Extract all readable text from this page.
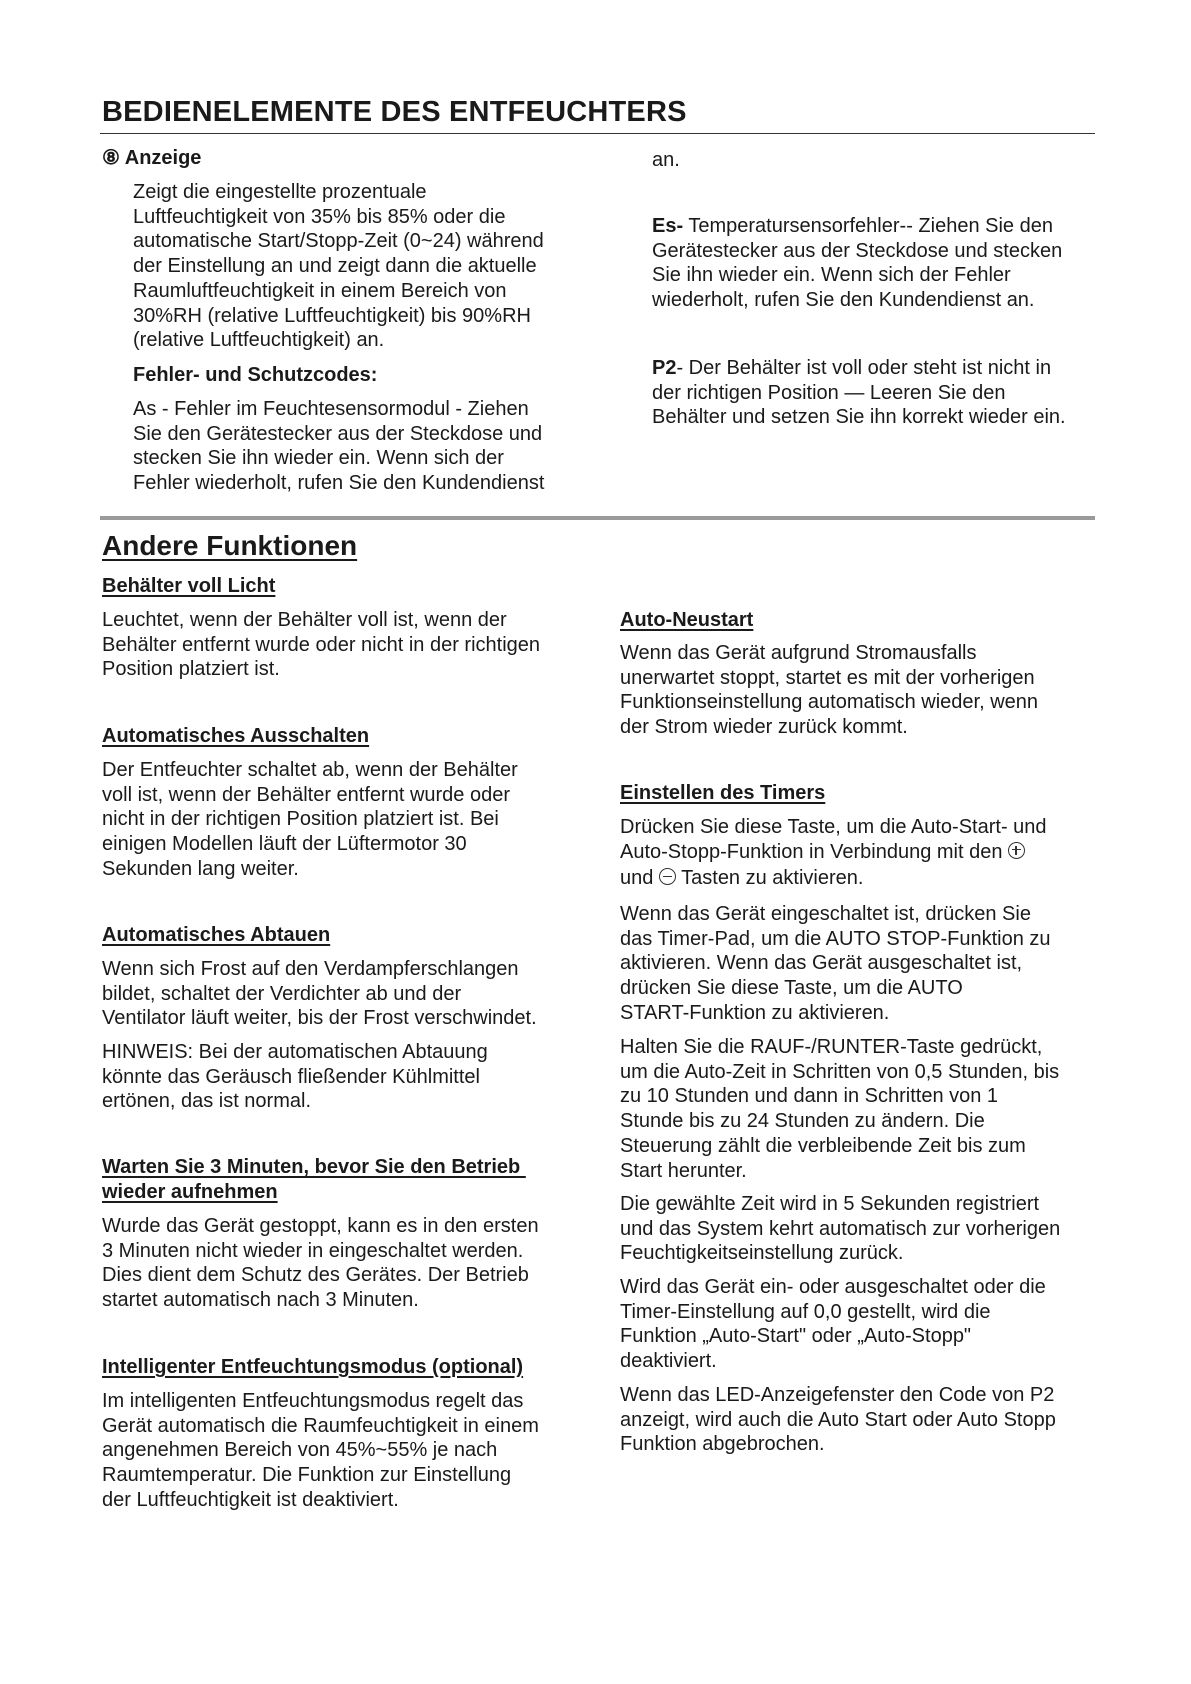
BEDIENELEMENTE DES ENTFEUCHTERS
⑧ Anzeige
Zeigt die eingestellte prozentuale
Luftfeuchtigkeit von 35% bis 85% oder die
automatische Start/Stopp-Zeit (0~24) während
der Einstellung an und zeigt dann die aktuelle
Raumluftfeuchtigkeit in einem Bereich von
30%RH (relative Luftfeuchtigkeit) bis 90%RH
(relative Luftfeuchtigkeit) an.
Fehler- und Schutzcodes:
As - Fehler im Feuchtesensormodul - Ziehen
Sie den Gerätestecker aus der Steckdose und
stecken Sie ihn wieder ein. Wenn sich der
Fehler wiederholt, rufen Sie den Kundendienst
an.
Es- Temperatursensorfehler-- Ziehen Sie den

Gerätestecker aus der Steckdose und stecken
Sie ihn wieder ein. Wenn sich der Fehler
wiederholt, rufen Sie den Kundendienst an.
P2- Der Behälter ist voll oder steht ist nicht in
der richtigen Position — Leeren Sie den
Behälter und setzen Sie ihn korrekt wieder ein.
Andere Funktionen
Behälter voll Licht
Leuchtet, wenn der Behälter voll ist, wenn der
Behälter entfernt wurde oder nicht in der richtigen
Position platziert ist.
Automatisches Ausschalten
Der Entfeuchter schaltet ab, wenn der Behälter
voll ist, wenn der Behälter entfernt wurde oder
nicht in der richtigen Position platziert ist. Bei
einigen Modellen läuft der Lüftermotor 30
Sekunden lang weiter.
Automatisches Abtauen
Wenn sich Frost auf den Verdampferschlangen
bildet, schaltet der Verdichter ab und der
Ventilator läuft weiter, bis der Frost verschwindet.
HINWEIS: Bei der automatischen Abtauung
könnte das Geräusch fließender Kühlmittel
ertönen, das ist normal.
Warten Sie 3 Minuten, bevor Sie den Betrieb
wieder aufnehmen
Wurde das Gerät gestoppt, kann es in den ersten
3 Minuten nicht wieder in eingeschaltet werden.
Dies dient dem Schutz des Gerätes. Der Betrieb
startet automatisch nach 3 Minuten.
Intelligenter Entfeuchtungsmodus (optional)
Im intelligenten Entfeuchtungsmodus regelt das
Gerät automatisch die Raumfeuchtigkeit in einem
angenehmen Bereich von 45%~55% je nach
Raumtemperatur. Die Funktion zur Einstellung
der Luftfeuchtigkeit ist deaktiviert.
Auto-Neustart
Wenn das Gerät aufgrund Stromausfalls
unerwartet stoppt, startet es mit der vorherigen
Funktionseinstellung automatisch wieder, wenn
der Strom wieder zurück kommt.
Einstellen des Timers
Drücken Sie diese Taste, um die Auto-Start- und
Auto-Stopp-Funktion in Verbindung mit den
und
Tasten zu aktivieren.
Wenn das Gerät eingeschaltet ist, drücken Sie
das Timer-Pad, um die AUTO STOP-Funktion zu
aktivieren. Wenn das Gerät ausgeschaltet ist,
drücken Sie diese Taste, um die AUTO
START-Funktion zu aktivieren.
Halten Sie die RAUF-/RUNTER-Taste gedrückt,
um die Auto-Zeit in Schritten von 0,5 Stunden, bis
zu 10 Stunden und dann in Schritten von 1
Stunde bis zu 24 Stunden zu ändern. Die
Steuerung zählt die verbleibende Zeit bis zum
Start herunter.
Die gewählte Zeit wird in 5 Sekunden registriert
und das System kehrt automatisch zur vorherigen
Feuchtigkeitseinstellung zurück.
Wird das Gerät ein- oder ausgeschaltet oder die
Timer-Einstellung auf 0,0 gestellt, wird die
Funktion „Auto-Start" oder „Auto-Stopp"
deaktiviert.
Wenn das LED-Anzeigefenster den Code von P2
anzeigt, wird auch die Auto Start oder Auto Stopp
Funktion abgebrochen.
